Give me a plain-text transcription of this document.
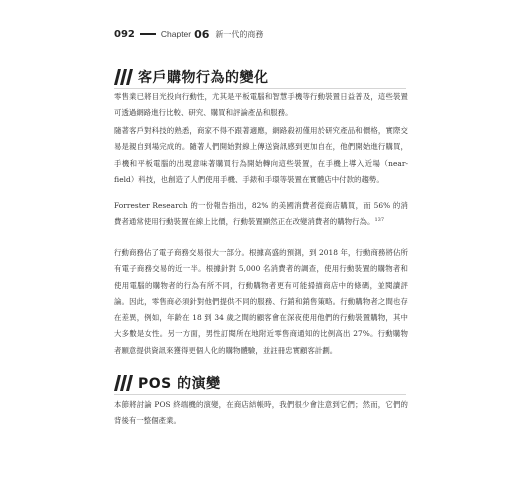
092	Chapter 06 新一代的商務
客戶購物行為的變化

零售業已將目光投向行動性，尤其是平板電腦和智慧手機等行動裝置日益普及，這些裝置可透過網路進行比較、研究、購買和評論產品和服務。

隨著客戶對科技的熟悉，商家不得不跟著適應，網路殺初僅用於研究產品和價格，實際交易是親自到場完成的。隨著人們開始對線上傳送資訊感到更加自在，他們開始進行購買，手機和平板電腦的出現意味著購買行為開始轉向這些裝置，在手機上導入近場（near-field）科技，也創造了人們使用手機、手錶和手環等裝置在實體店中付款的趨勢。

Forrester Research 的一份報告指出，82% 的美國消費者從商店購買，而 56% 的消費者通常使用行動裝置在線上比價，行動裝置顯然正在改變消費者的購物行為。$^{137}$

行動商務佔了電子商務交易很大一部分。根據高盛的預測，到 2018 年，行動商務將佔所有電子商務交易的近一半。根據針對 5,000 名消費者的調查，使用行動裝置的購物者和使用電腦的購物者的行為有所不同，行動購物者更有可能掃描商店中的條碼，並閱讀評論。因此，零售商必須針對他們提供不同的服務、行銷和銷售策略。行動購物者之間也存在差異，例如，年齡在 18 到 34 歲之間的顧客會在深夜使用他們的行動裝置購物，其中大多數是女性。另一方面，男性訂閱所在地附近零售商通知的比例高出 27%。行動購物者願意提供資訊來獲得更個人化的購物體驗，並註冊忠實顧客計劃。

POS 的演變

本節將討論 POS 終端機的演變，在商店結帳時，我們很少會注意到它們；然而，它們的背後有一整個產業。
